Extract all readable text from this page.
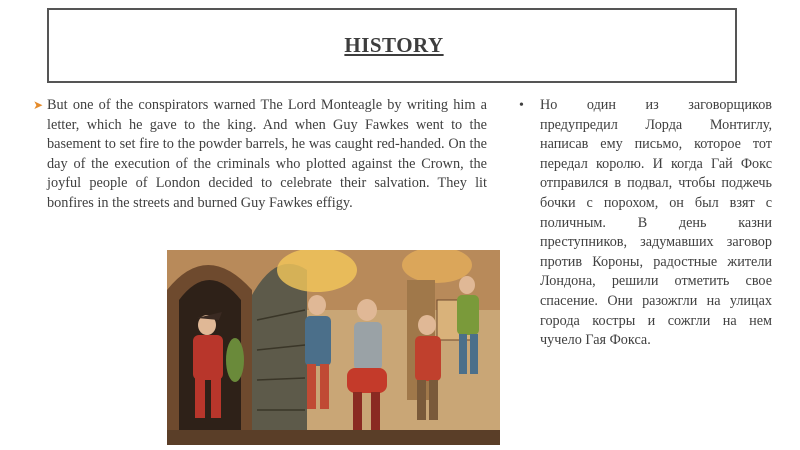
HISTORY
➤ But one of the conspirators warned The Lord Monteagle by writing him a letter, which he gave to the king. And when Guy Fawkes went to the basement to set fire to the powder barrels, he was caught red-handed. On the day of the execution of the criminals who plotted against the Crown, the joyful people of London decided to celebrate their salvation. They lit bonfires in the streets and burned Guy Fawkes effigy.
• Но один из заговорщиков предупредил Лорда Монтиглу, написав ему письмо, которое тот передал королю. И когда Гай Фокс отправился в подвал, чтобы поджечь бочки с порохом, он был взят с поличным. В день казни преступников, задумавших заговор против Короны, радостные жители Лондона, решили отметить свое спасение. Они разожгли на улицах города костры и сожгли на нем чучело Гая Фокса.
